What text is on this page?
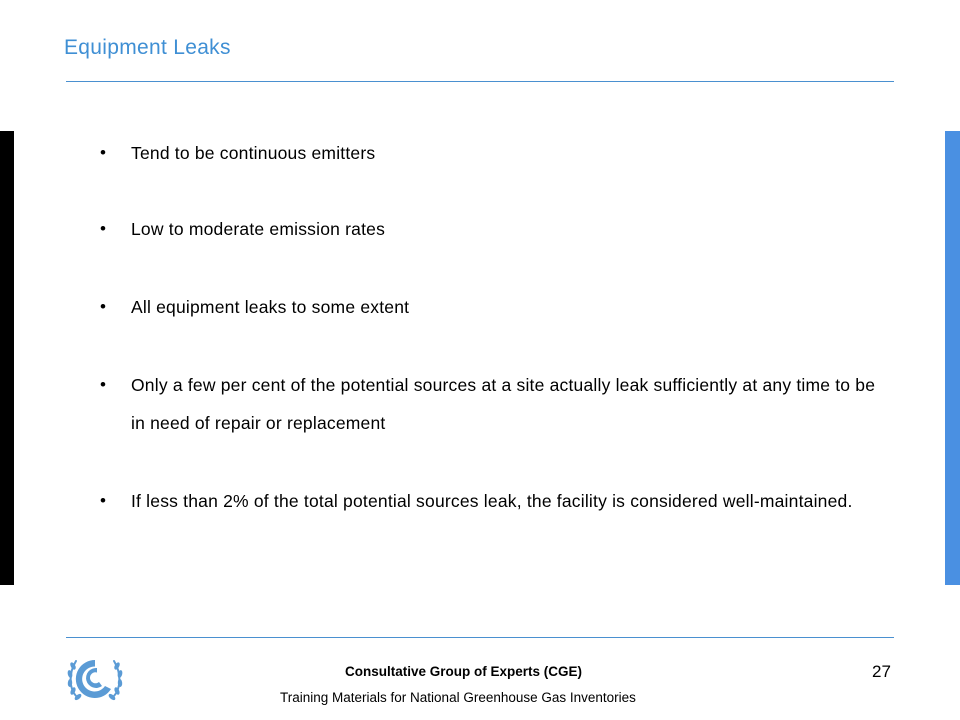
Equipment Leaks
• Tend to be continuous emitters
• Low to moderate emission rates
• All equipment leaks to some extent
• Only a few per cent of the potential sources at a site actually leak sufficiently at any time to be in need of repair or replacement
• If less than 2% of the total potential sources leak, the facility is considered well-maintained.
Consultative Group of Experts (CGE)
Training Materials for National Greenhouse Gas Inventories
27
